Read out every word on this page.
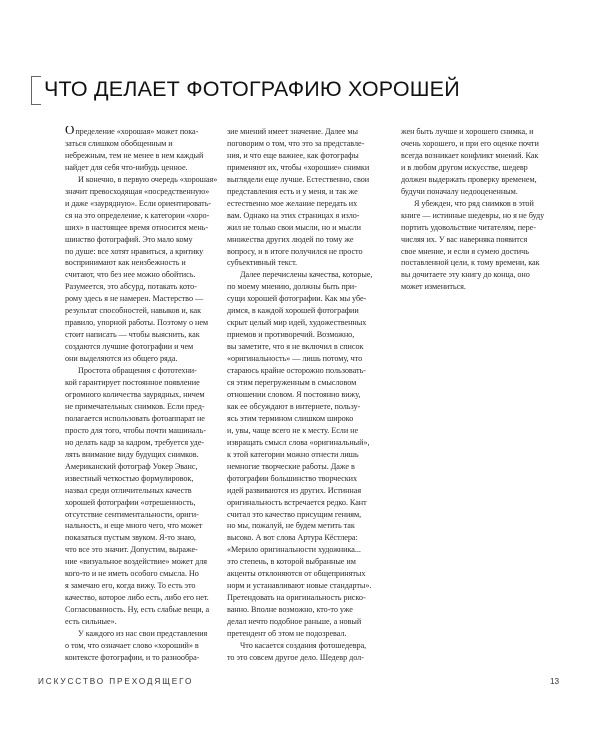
ЧТО ДЕЛАЕТ ФОТОГРАФИЮ ХОРОШЕЙ
Определение «хорошая» может пока-
заться слишком обобщенным и
небрежным, тем не менее в нем каждый
найдет для себя что-нибудь ценное.
И конечно, в первую очередь «хорошая»
значит превосходящая «посредственную»
и даже «заурядную». Если ориентировать-
ся на это определение, к категории «хоро-
ших» в настоящее время относится мень-
шинство фотографий. Это мало кому
по душе: все хотят нравиться, а критику
воспринимают как неизбежность и
считают, что без нее можно обойтись.
Разумеется, это абсурд, потакать кото-
рому здесь я не намерен. Мастерство —
результат способностей, навыков и, как
правило, упорной работы. Поэтому о нем
стоит написать — чтобы выяснить, как
создаются лучшие фотографии и чем
они выделяются из общего ряда.
Простота обращения с фототехни-
кой гарантирует постоянное появление
огромного количества заурядных, ничем
не примечательных снимков. Если пред-
полагается использовать фотоаппарат не
просто для того, чтобы почти машиналь-
но делать кадр за кадром, требуется уде-
лять внимание виду будущих снимков.
Американский фотограф Уокер Эванс,
известный четкостью формулировок,
назвал среди отличительных качеств
хорошей фотографии «отрешенность,
отсутствие сентиментальности, ориги-
нальность, и еще много чего, что может
показаться пустым звуком. Я-то знаю,
что все это значит. Допустим, выраже-
ние «визуальное воздействие» может для
кого-то и не иметь особого смысла. Но
я замечаю его, когда вижу. То есть это
качество, которое либо есть, либо его нет.
Согласованность. Ну, есть слабые вещи, а
есть сильные».
У каждого из нас свои представления
о том, что означает слово «хороший» в
контексте фотографии, и то разнообра-
зие мнений имеет значение. Далее мы
поговорим о том, что это за представле-
ния, и что еще важнее, как фотографы
применяют их, чтобы «хорошие» снимки
выглядели еще лучше. Естественно, свои
представления есть и у меня, и так же
естественно мое желание передать их
вам. Однако на этих страницах я изло-
жил не только свои мысли, но и мысли
множества других людей по тому же
вопросу, и в итоге получился не просто
субъективный текст.
Далее перечислены качества, которые,
по моему мнению, должны быть при-
сущи хорошей фотографии. Как мы убе-
димся, в каждой хорошей фотографии
скрыт целый мир идей, художественных
приемов и противоречий. Возможно,
вы заметите, что я не включил в список
«оригинальность» — лишь потому, что
стараюсь крайне осторожно пользовать-
ся этим перегруженным в смысловом
отношении словом. Я постоянно вижу,
как ее обсуждают в интернете, пользу-
ясь этим термином слишком широко
и, увы, чаще всего не к месту. Если не
извращать смысл слова «оригинальный»,
к этой категории можно отнести лишь
немногие творческие работы. Даже в
фотографии большинство творческих
идей развиваются из других. Истинная
оригинальность встречается редко. Кант
считал это качество присущим гениям,
но мы, пожалуй, не будем метить так
высоко. А вот слова Артура Кёстлера:
«Мерило оригинальности художника...
это степень, в которой выбранные им
акценты отклоняются от общепринятых
норм и устанавливают новые стандарты».
Претендовать на оригинальность риско-
ванно. Вполне возможно, кто-то уже
делал нечто подобное раньше, а новый
претендент об этом не подозревал.
Что касается создания фотошедевра,
то это совсем другое дело. Шедевр дол-
жен быть лучше и хорошего снимка, и
очень хорошего, и при его оценке почти
всегда возникает конфликт мнений. Как
и в любом другом искусстве, шедевр
должен выдержать проверку временем,
будучи поначалу недооцененным.
Я убежден, что ряд снимков в этой
книге — истинные шедевры, но я не буду
портить удовольствие читателям, пере-
числяя их. У вас наверняка появится
свое мнение, и если я сумею достичь
поставленной цели, к тому времени, как
вы дочитаете эту книгу до конца, оно
может измениться.

ИСКУССТВО ПРЕХОДЯЩЕГО	13
